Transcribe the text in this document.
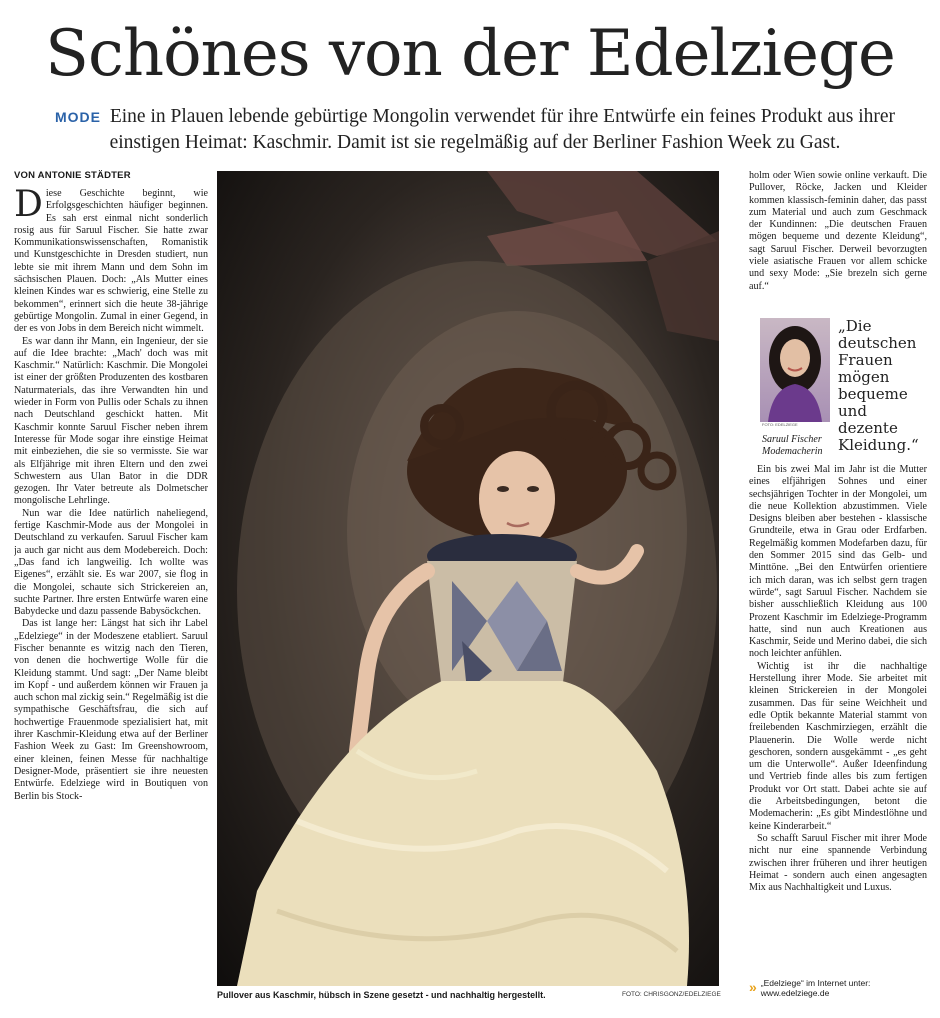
Schönes von der Edelziege
MODE Eine in Plauen lebende gebürtige Mongolin verwendet für ihre Entwürfe ein feines Produkt aus ihrer einstigen Heimat: Kaschmir. Damit ist sie regelmäßig auf der Berliner Fashion Week zu Gast.
VON ANTONIE STÄDTER

Diese Geschichte beginnt, wie Erfolgsgeschichten häufiger beginnen. Es sah erst einmal nicht sonderlich rosig aus für Saruul Fischer. Sie hatte zwar Kommunikationswissenschaften, Romanistik und Kunstgeschichte in Dresden studiert, nun lebte sie mit ihrem Mann und dem Sohn im sächsischen Plauen. Doch: „Als Mutter eines kleinen Kindes war es schwierig, eine Stelle zu bekommen“, erinnert sich die heute 38-jährige gebürtige Mongolin. Zumal in einer Gegend, in der es von Jobs in dem Bereich nicht wimmelt.

Es war dann ihr Mann, ein Ingenieur, der sie auf die Idee brachte: „Mach' doch was mit Kaschmir.“ Natürlich: Kaschmir. Die Mongolei ist einer der größten Produzenten des kostbaren Naturmaterials, das ihre Verwandten hin und wieder in Form von Pullis oder Schals zu ihnen nach Deutschland geschickt hatten. Mit Kaschmir konnte Saruul Fischer neben ihrem Interesse für Mode sogar ihre einstige Heimat mit einbeziehen, die sie so vermisste. Sie war als Elfjährige mit ihren Eltern und den zwei Schwestern aus Ulan Bator in die DDR gezogen. Ihr Vater betreute als Dolmetscher mongolische Lehrlinge.

Nun war die Idee natürlich naheliegend, fertige Kaschmir-Mode aus der Mongolei in Deutschland zu verkaufen. Saruul Fischer kam ja auch gar nicht aus dem Modebereich. Doch: „Das fand ich langweilig. Ich wollte was Eigenes“, erzählt sie. Es war 2007, sie flog in die Mongolei, schaute sich Strickereien an, suchte Partner. Ihre ersten Entwürfe waren eine Babydecke und dazu passende Babysöckchen.

Das ist lange her: Längst hat sich ihr Label „Edelziege“ in der Modeszene etabliert. Saruul Fischer benannte es witzig nach den Tieren, von denen die hochwertige Wolle für die Kleidung stammt. Und sagt: „Der Name bleibt im Kopf - und außerdem können wir Frauen ja auch schon mal zickig sein.“ Regelmäßig ist die sympathische Geschäftsfrau, die sich auf hochwertige Frauenmode spezialisiert hat, mit ihrer Kaschmir-Kleidung etwa auf der Berliner Fashion Week zu Gast: Im Greenshowroom, einer kleinen, feinen Messe für nachhaltige Designer-Mode, präsentiert sie ihre neuesten Entwürfe. Edelziege wird in Boutiquen von Berlin bis Stock-

Pullover aus Kaschmir, hübsch in Szene gesetzt - und nachhaltig hergestellt.	FOTO: CHRISGONZ/EDELZIEGE

holm oder Wien sowie online verkauft. Die Pullover, Röcke, Jacken und Kleider kommen klassisch-feminin daher, das passt zum Material und auch zum Geschmack der Kundinnen: „Die deutschen Frauen mögen bequeme und dezente Kleidung“, sagt Saruul Fischer. Derweil bevorzugten viele asiatische Frauen vor allem schicke und sexy Mode: „Sie brezeln sich gerne auf.“

FOTO: EDELZIEGE
„Die deutschen Frauen mögen bequeme und dezente Kleidung.“
Saruul Fischer
Modemacherin

Ein bis zwei Mal im Jahr ist die Mutter eines elfjährigen Sohnes und einer sechsjährigen Tochter in der Mongolei, um die neue Kollektion abzustimmen. Viele Designs bleiben aber bestehen - klassische Grundteile, etwa in Grau oder Erdfarben. Regelmäßig kommen Modefarben dazu, für den Sommer 2015 sind das Gelb- und Minttöne. „Bei den Entwürfen orientiere ich mich daran, was ich selbst gern tragen würde“, sagt Saruul Fischer. Nachdem sie bisher ausschließlich Kleidung aus 100 Prozent Kaschmir im Edelziege-Programm hatte, sind nun auch Kreationen aus Kaschmir, Seide und Merino dabei, die sich noch leichter anfühlen.

Wichtig ist ihr die nachhaltige Herstellung ihrer Mode. Sie arbeitet mit kleinen Strickereien in der Mongolei zusammen. Das für seine Weichheit und edle Optik bekannte Material stammt von freilebenden Kaschmirziegen, erzählt die Plauenerin. Die Wolle werde nicht geschoren, sondern ausgekämmt - „es geht um die Unterwolle“. Außer Ideenfindung und Vertrieb finde alles bis zum fertigen Produkt vor Ort statt. Dabei achte sie auf die Arbeitsbedingungen, betont die Modemacherin: „Es gibt Mindestlöhne und keine Kinderarbeit.“

So schafft Saruul Fischer mit ihrer Mode nicht nur eine spannende Verbindung zwischen ihrer früheren und ihrer heutigen Heimat - sondern auch einen angesagten Mix aus Nachhaltigkeit und Luxus.

» „Edelziege“ im Internet unter:
www.edelziege.de
